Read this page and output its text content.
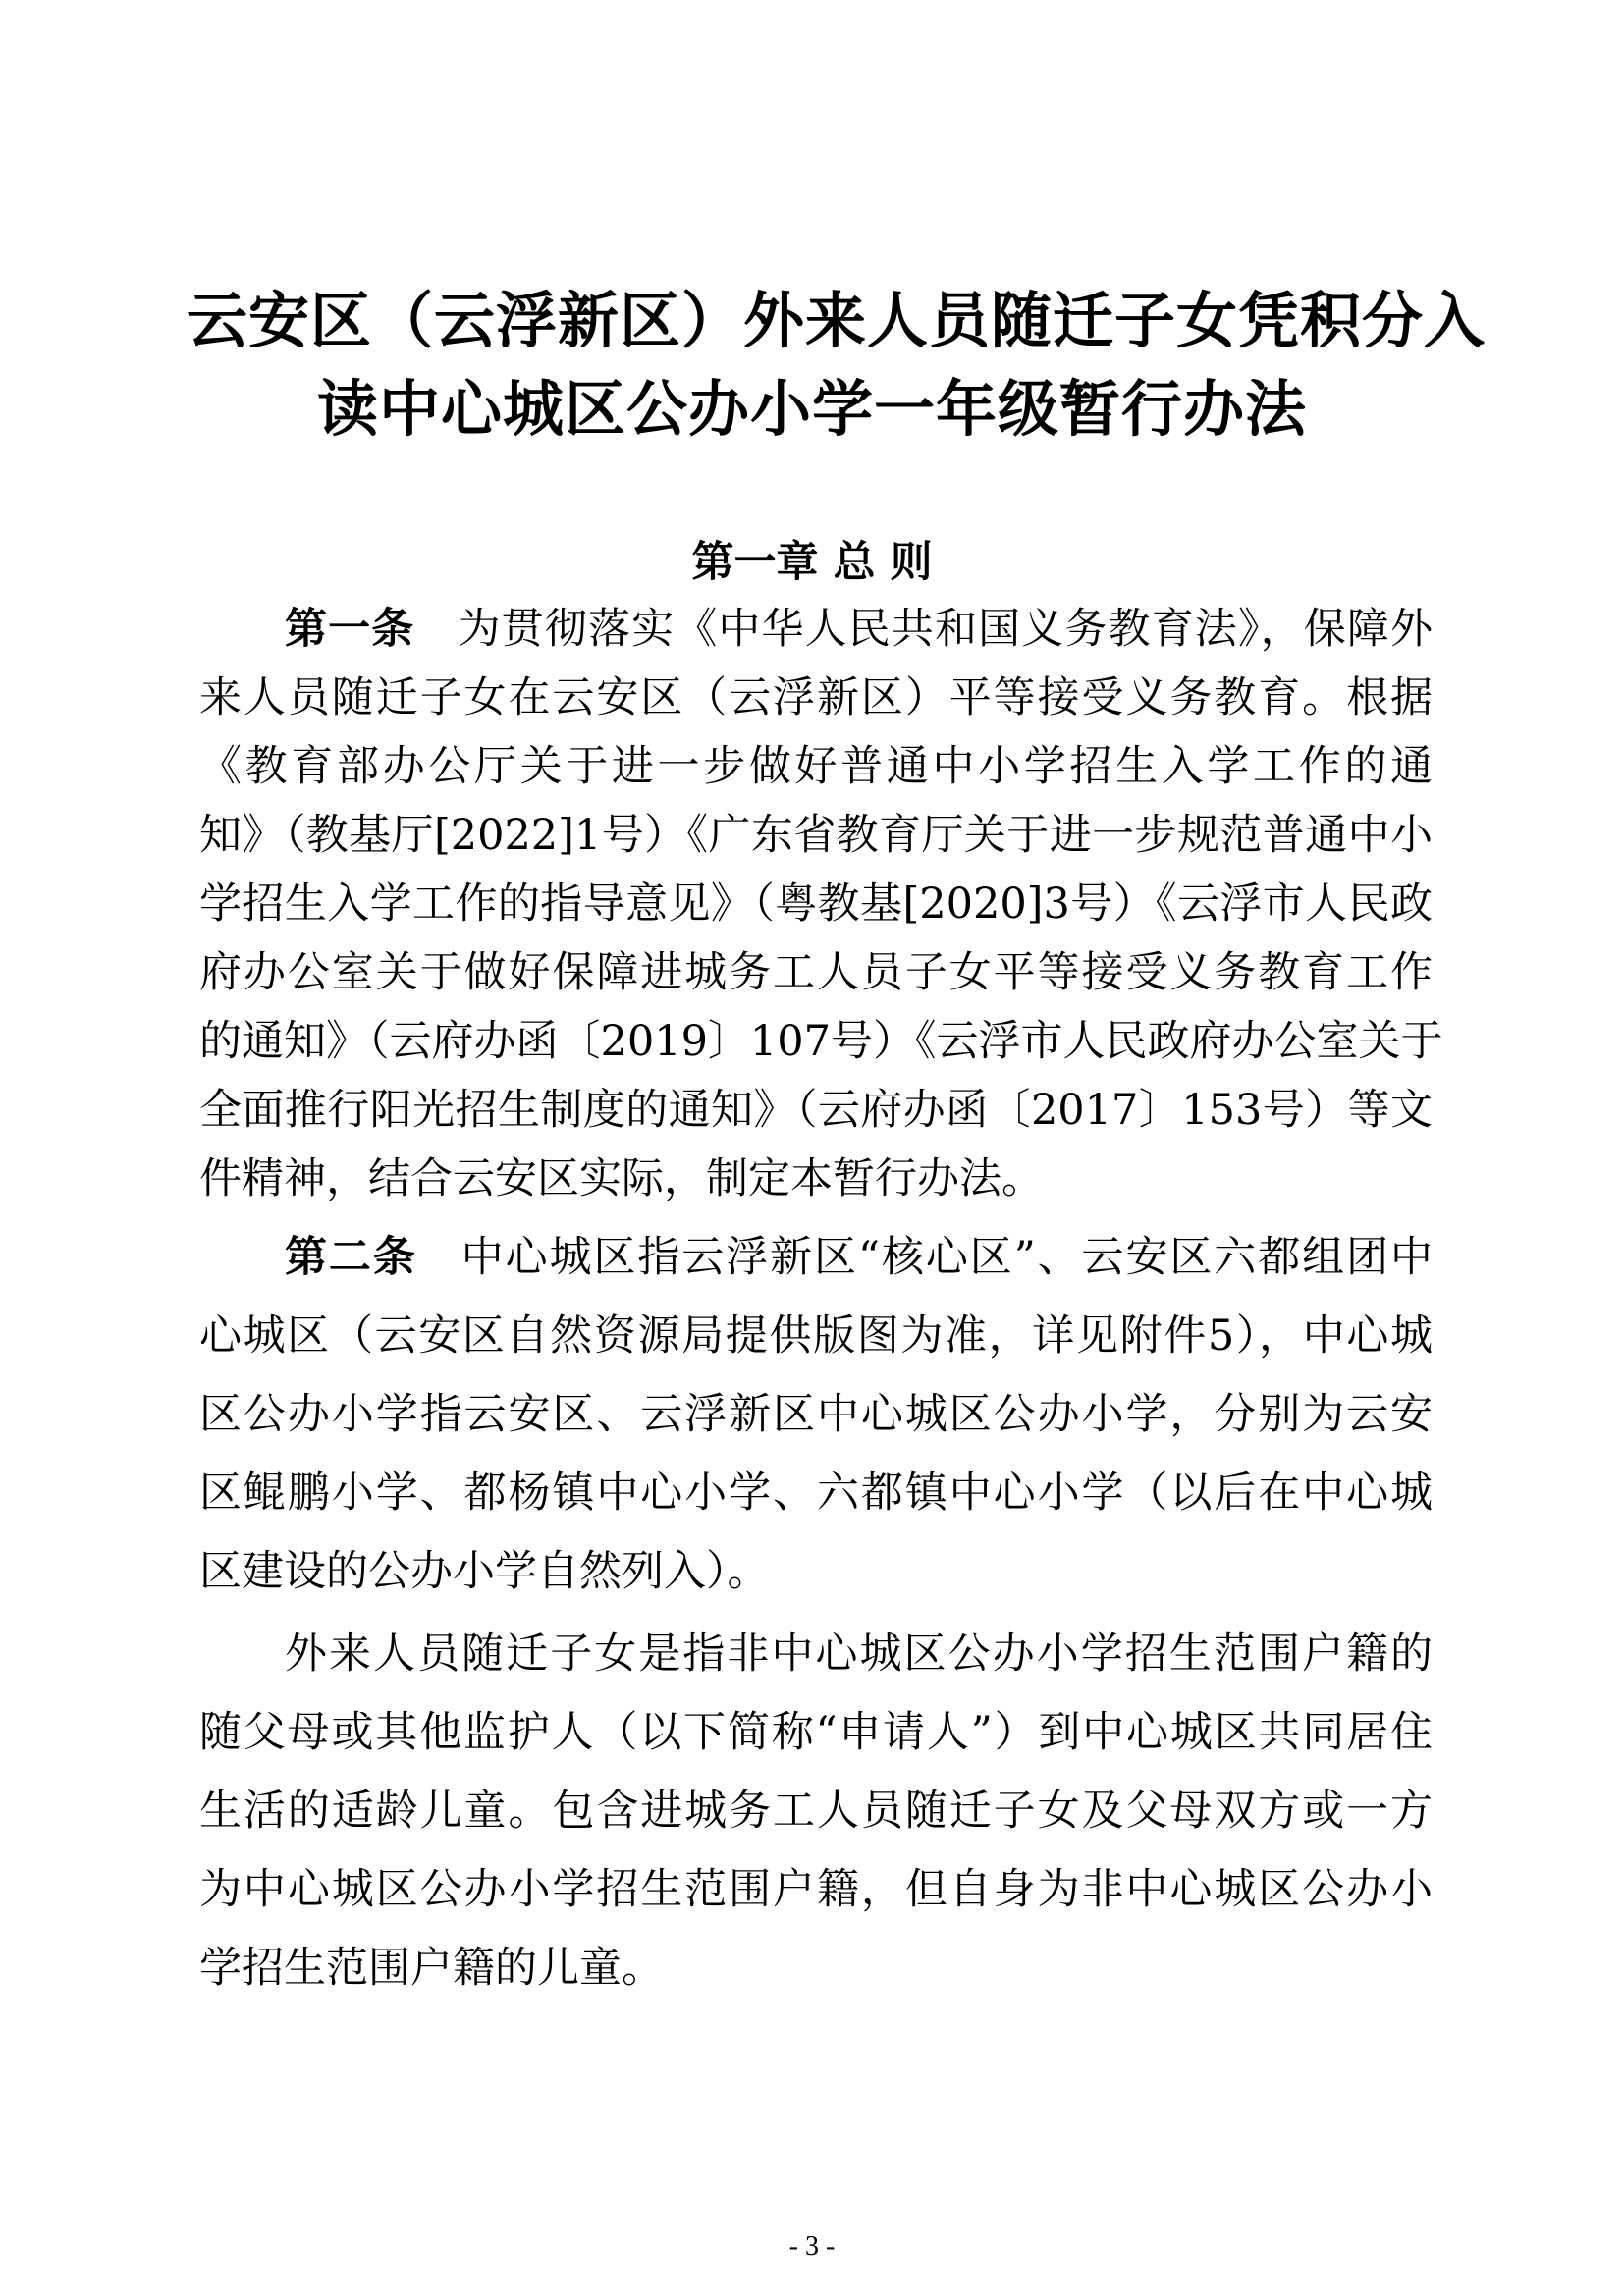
云安区（云浮新区）外来人员随迁子女凭积分入
读中心城区公办小学一年级暂行办法
第一章 总 则
第一条 为贯彻落实《中华人民共和国义务教育法》，保障外
来人员随迁子女在云安区（云浮新区）平等接受义务教育。根据
《教育部办公厅关于进一步做好普通中小学招生入学工作的通
知》（教基厅[2022]1号）《广东省教育厅关于进一步规范普通中小
学招生入学工作的指导意见》（粤教基[2020]3号）《云浮市人民政
府办公室关于做好保障进城务工人员子女平等接受义务教育工作
的通知》（云府办函〔2019〕107号）《云浮市人民政府办公室关于
全面推行阳光招生制度的通知》（云府办函〔2017〕153号）等文
件精神，结合云安区实际，制定本暂行办法。
第二条 中心城区指云浮新区“核心区”、云安区六都组团中
心城区（云安区自然资源局提供版图为准，详见附件5），中心城
区公办小学指云安区、云浮新区中心城区公办小学，分别为云安
区鲲鹏小学、都杨镇中心小学、六都镇中心小学（以后在中心城
区建设的公办小学自然列入）。
外来人员随迁子女是指非中心城区公办小学招生范围户籍的
随父母或其他监护人（以下简称“申请人”）到中心城区共同居住
生活的适龄儿童。包含进城务工人员随迁子女及父母双方或一方
为中心城区公办小学招生范围户籍，但自身为非中心城区公办小
学招生范围户籍的儿童。
- 3 -
